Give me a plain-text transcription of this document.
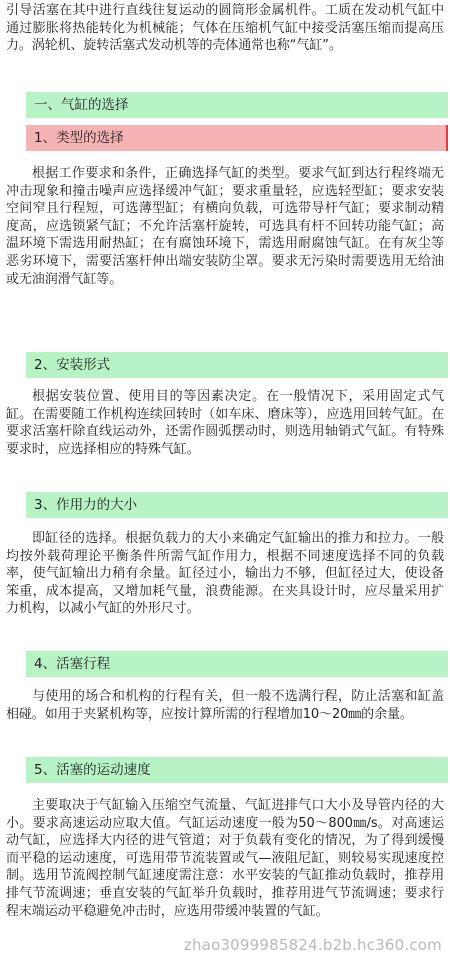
引导活塞在其中进行直线往复运动的圆筒形金属机件。工质在发动机气缸中通过膨胀将热能转化为机械能；气体在压缩机气缸中接受活塞压缩而提高压力。涡轮机、旋转活塞式发动机等的壳体通常也称“气缸”。

一、气缸的选择
1、类型的选择

根据工作要求和条件，正确选择气缸的类型。要求气缸到达行程终端无冲击现象和撞击噪声应选择缓冲气缸；要求重量轻，应选轻型缸；要求安装空间窄且行程短，可选薄型缸；有横向负载，可选带导杆气缸；要求制动精度高，应选锁紧气缸；不允许活塞杆旋转，可选具有杆不回转功能气缸；高温环境下需选用耐热缸；在有腐蚀环境下，需选用耐腐蚀气缸。在有灰尘等恶劣环境下，需要活塞杆伸出端安装防尘罩。要求无污染时需要选用无给油或无油润滑气缸等。

2、安装形式

根据安装位置、使用目的等因素决定。在一般情况下，采用固定式气缸。在需要随工作机构连续回转时（如车床、磨床等），应选用回转气缸。在要求活塞杆除直线运动外，还需作圆弧摆动时，则选用轴销式气缸。有特殊要求时，应选择相应的特殊气缸。

3、作用力的大小

即缸径的选择。根据负载力的大小来确定气缸输出的推力和拉力。一般均按外载荷理论平衡条件所需气缸作用力，根据不同速度选择不同的负载率，使气缸输出力稍有余量。缸径过小，输出力不够，但缸径过大，使设备笨重，成本提高，又增加耗气量，浪费能源。在夹具设计时，应尽量采用扩力机构，以减小气缸的外形尺寸。

4、活塞行程

与使用的场合和机构的行程有关，但一般不选满行程，防止活塞和缸盖相碰。如用于夹紧机构等，应按计算所需的行程增加10～20㎜的余量。

5、活塞的运动速度

主要取决于气缸输入压缩空气流量、气缸进排气口大小及导管内径的大小。要求高速运动应取大值。气缸运动速度一般为50～800㎜/s。对高速运动气缸，应选择大内径的进气管道；对于负载有变化的情况，为了得到缓慢而平稳的运动速度，可选用带节流装置或气—液阻尼缸，则较易实现速度控制。选用节流阀控制气缸速度需注意：水平安装的气缸推动负载时，推荐用排气节流调速；垂直安装的气缸举升负载时，推荐用进气节流调速；要求行程末端运动平稳避免冲击时，应选用带缓冲装置的气缸。

zhao3099985824.b2b.hc360.com
